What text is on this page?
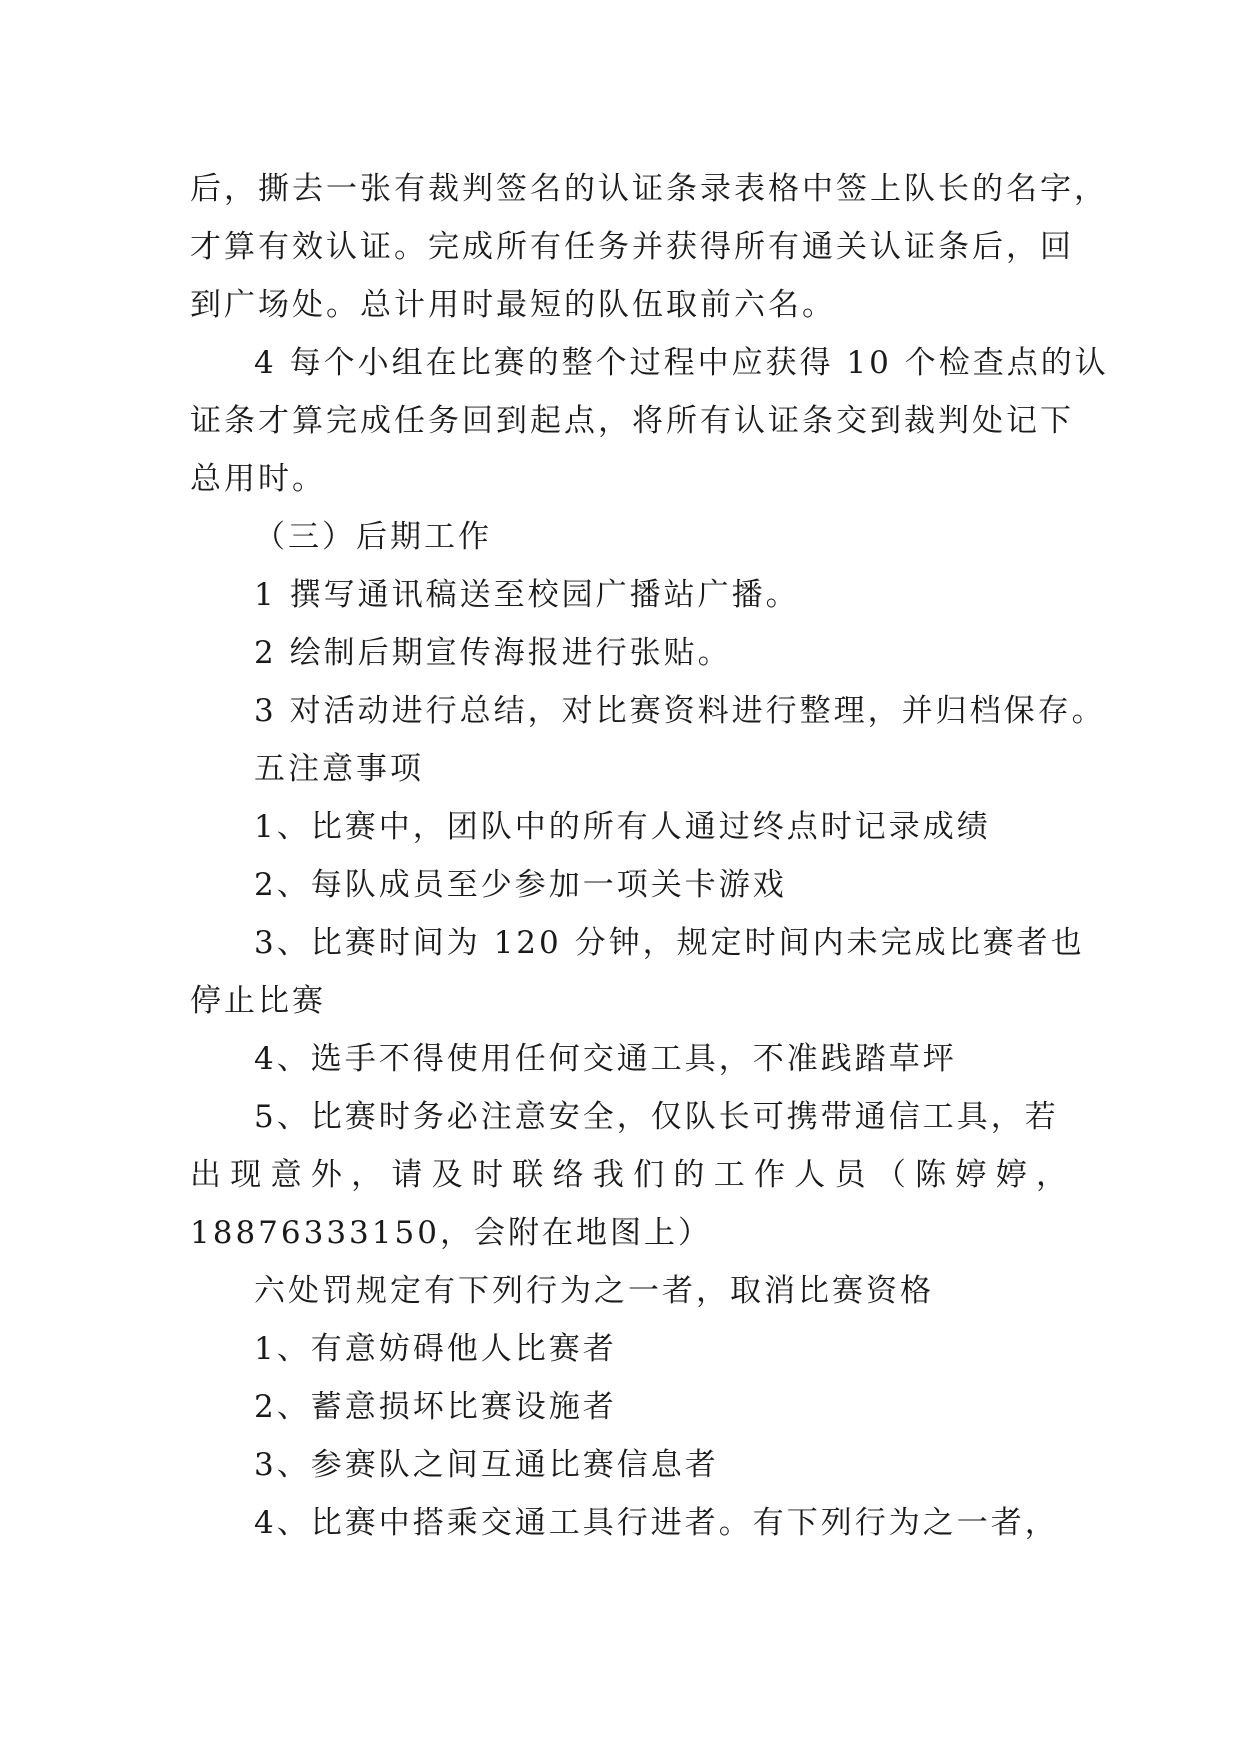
后，撕去一张有裁判签名的认证条录表格中签上队长的名字，
才算有效认证。完成所有任务并获得所有通关认证条后，回
到广场处。总计用时最短的队伍取前六名。
4 每个小组在比赛的整个过程中应获得 10 个检查点的认
证条才算完成任务回到起点，将所有认证条交到裁判处记下
总用时。
（三）后期工作
1 撰写通讯稿送至校园广播站广播。
2 绘制后期宣传海报进行张贴。
3 对活动进行总结，对比赛资料进行整理，并归档保存。
五注意事项
1、比赛中，团队中的所有人通过终点时记录成绩
2、每队成员至少参加一项关卡游戏
3、比赛时间为 120 分钟，规定时间内未完成比赛者也
停止比赛
4、选手不得使用任何交通工具，不准践踏草坪
5、比赛时务必注意安全，仅队长可携带通信工具，若
出现意外，请及时联络我们的工作人员（陈婷婷，
18876333150，会附在地图上）
六处罚规定有下列行为之一者，取消比赛资格
1、有意妨碍他人比赛者
2、蓄意损坏比赛设施者
3、参赛队之间互通比赛信息者
4、比赛中搭乘交通工具行进者。有下列行为之一者，
